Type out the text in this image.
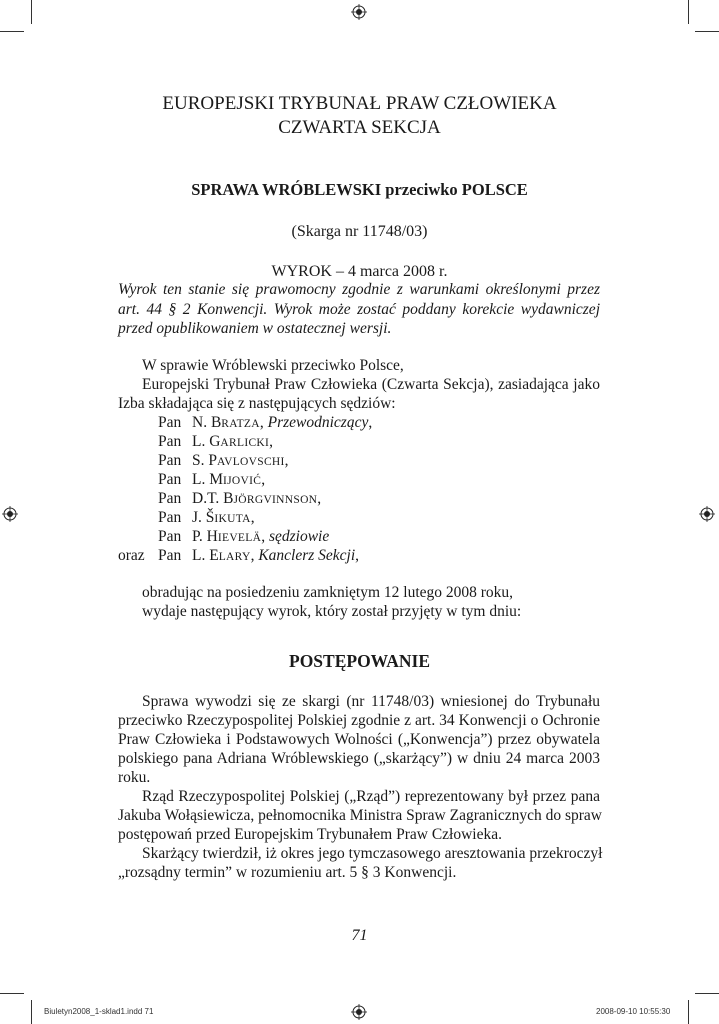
EUROPEJSKI TRYBUNAŁ PRAW CZŁOWIEKA
CZWARTA SEKCJA
SPRAWA WRÓBLEWSKI przeciwko POLSCE
(Skarga nr 11748/03)
WYROK – 4 marca 2008 r.
Wyrok ten stanie się prawomocny zgodnie z warunkami określonymi przez
art. 44 § 2 Konwencji. Wyrok może zostać poddany korekcie wydawniczej
przed opublikowaniem w ostatecznej wersji.
W sprawie Wróblewski przeciwko Polsce,
Europejski Trybunał Praw Człowieka (Czwarta Sekcja), zasiadająca jako
Izba składająca się z następujących sędziów:
Pan N. BRATZA, Przewodniczący,
Pan L. GARLICKI,
Pan S. PAVLOVSCHI,
Pan L. MIJOVIĆ,
Pan D.T. BJÖRGVINNSON,
Pan J. ŠIKUTA,
Pan P. HIEVELÄ, sędziowie
oraz Pan L. ELARY, Kanclerz Sekcji,
obradując na posiedzeniu zamkniętym 12 lutego 2008 roku,
wydaje następujący wyrok, który został przyjęty w tym dniu:
POSTĘPOWANIE
Sprawa wywodzi się ze skargi (nr 11748/03) wniesionej do Trybunału
przeciwko Rzeczypospolitej Polskiej zgodnie z art. 34 Konwencji o Ochronie
Praw Człowieka i Podstawowych Wolności („Konwencja”) przez obywatela
polskiego pana Adriana Wróblewskiego („skarżący”) w dniu 24 marca 2003
roku.
Rząd Rzeczypospolitej Polskiej („Rząd”) reprezentowany był przez pana
Jakuba Wołąsiewicza, pełnomocnika Ministra Spraw Zagranicznych do spraw
postępowań przed Europejskim Trybunałem Praw Człowieka.
Skarżący twierdził, iż okres jego tymczasowego aresztowania przekroczył
„rozsądny termin” w rozumieniu art. 5 § 3 Konwencji.
71
Biuletyn2008_1-sklad1.indd 71	2008-09-10 10:55:30
